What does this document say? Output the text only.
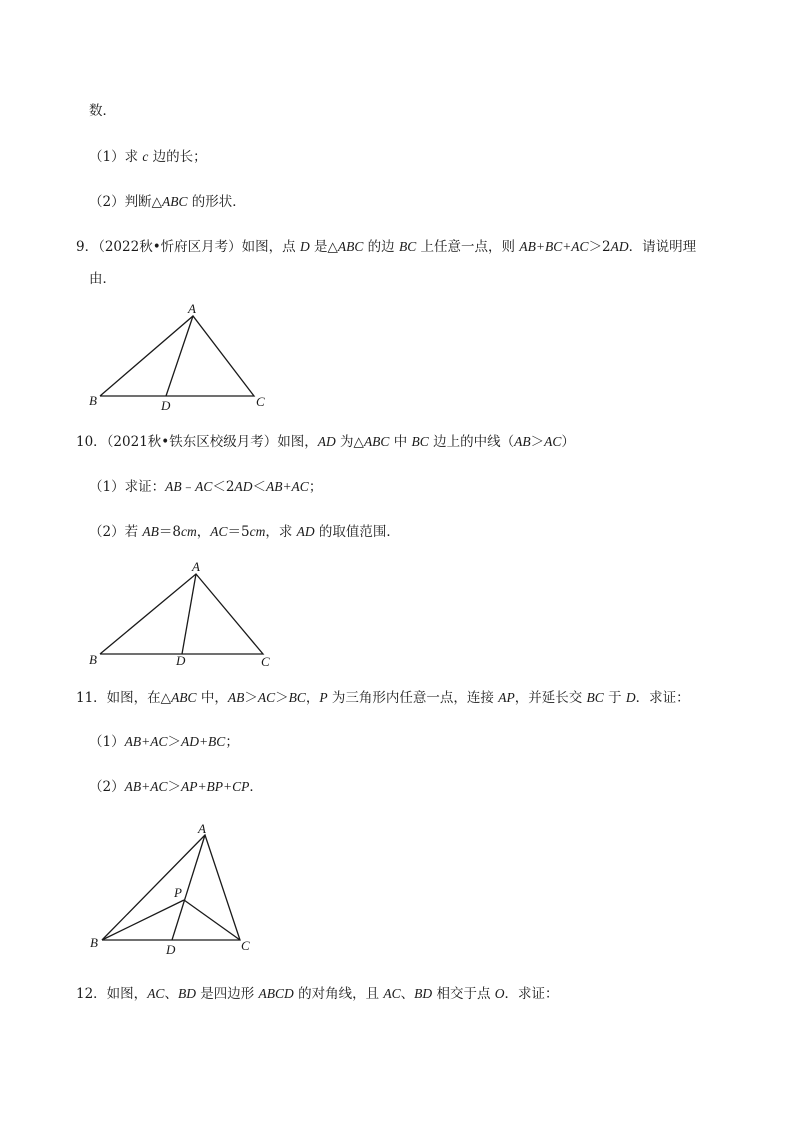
数．
（1）求 c 边的长；
（2）判断△ABC 的形状．
9．（2022秋•忻府区月考）如图，点 D 是△ABC 的边 BC 上任意一点，则 AB+BC+AC＞2AD．请说明理
由．
10．（2021秋•铁东区校级月考）如图，AD 为△ABC 中 BC 边上的中线（AB＞AC）
（1）求证：AB﹣AC＜2AD＜AB+AC；
（2）若 AB＝8cm，AC＝5cm，求 AD 的取值范围．
11．如图，在△ABC 中，AB＞AC＞BC，P 为三角形内任意一点，连接 AP，并延长交 BC 于 D．求证：
（1）AB+AC＞AD+BC；
（2）AB+AC＞AP+BP+CP．
12．如图，AC、BD 是四边形 ABCD 的对角线，且 AC、BD 相交于点 O．求证：
A
B	C
D
A
B	C
D
A
B	C
D
P
